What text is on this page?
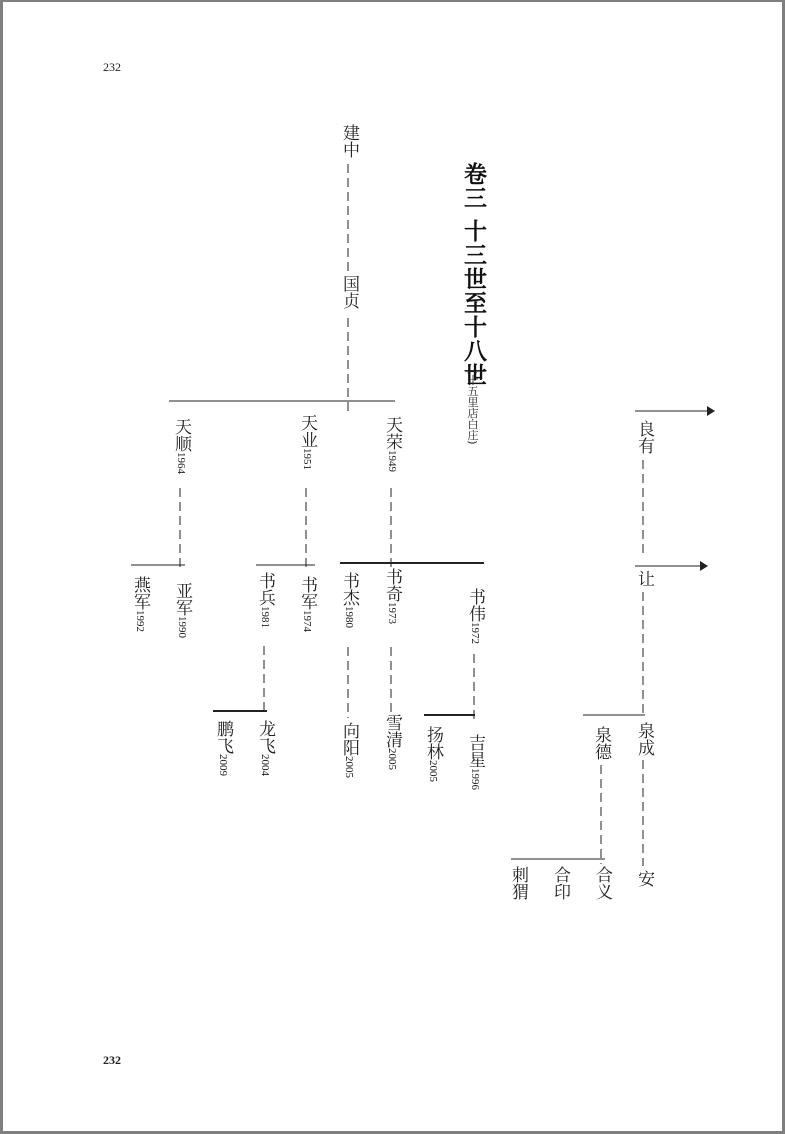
232
232
卷三 十三世至十八世
(十五里店白庄)
建中
国贞
天顺1964
天业1951
天荣1949
燕军1992
亚军1990
书兵1981
书军1974
书杰1980
书奇1973	书伟1972
鹏飞2009
龙飞2004
向阳2005
雪清2005 扬林2005
吉星1996
良有
让
泉德 泉成
刺猬 合印 合义 安
